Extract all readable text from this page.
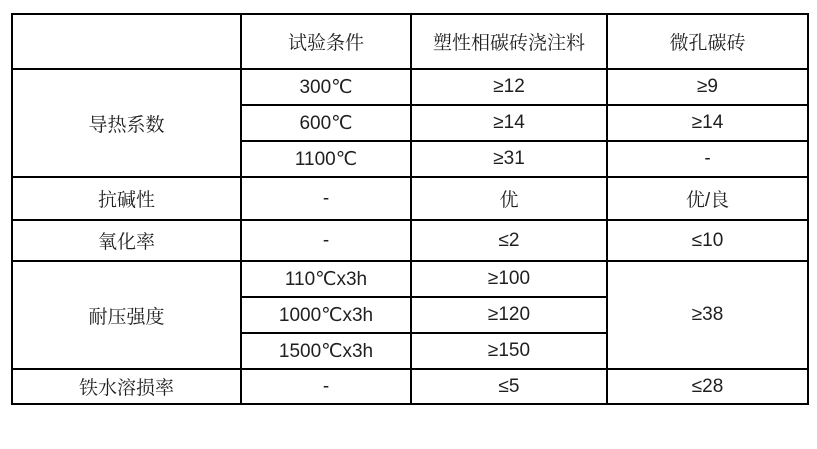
	试验条件	塑性相碳砖浇注料	微孔碳砖
导热系数	300℃	≥12	≥9
	600℃	≥14	≥14
	1100℃	≥31	-
抗碱性	-	优	优/良
氧化率	-	≤2	≤10
耐压强度	110℃x3h	≥100	≥38
	1000℃x3h	≥120	
	1500℃x3h	≥150	
铁水溶损率	-	≤5	≤28
